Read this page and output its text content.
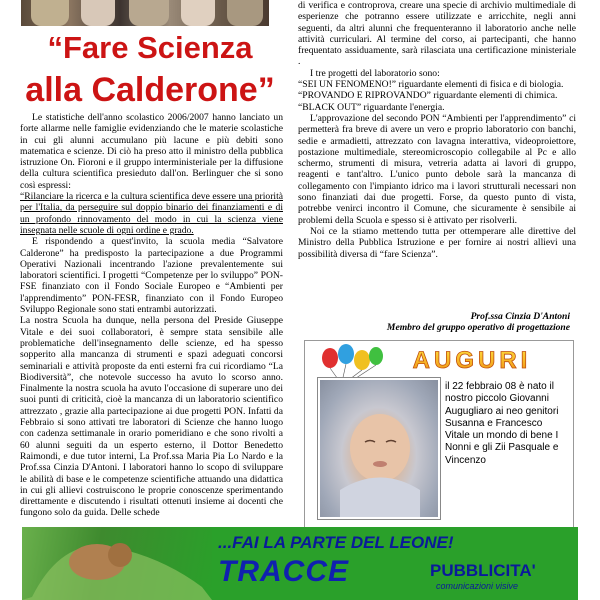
“Fare Scienza
alla Calderone”

Le statistiche dell'anno scolastico 2006/2007 hanno lanciato un forte allarme nelle famiglie evidenziando che le materie scolastiche in cui gli alunni accumulano più lacune e più debiti sono matematica e scienze. Di ciò ha preso atto il ministro della pubblica istruzione On. Fioroni e il gruppo interministeriale per la diffusione della cultura scientifica presieduto dall'on. Berlinguer che si sono così espressi:

“Rilanciare la ricerca e la cultura scientifica deve essere una priorità per l'Italia, da perseguire sul doppio binario dei finanziamenti e di un profondo rinnovamento del modo in cui la scienza viene insegnata nelle scuole di ogni ordine e grado.

E rispondendo a quest'invito, la scuola media “Salvatore Calderone” ha predisposto la partecipazione a due Programmi Operativi Nazionali incentrando l'azione prevalentemente sui laboratori scientifici. I progetti “Competenze per lo sviluppo” PON- FSE finanziato con il Fondo Sociale Europeo e “Ambienti per l'apprendimento” PON-FESR, finanziato con il Fondo Europeo Sviluppo Regionale sono stati entrambi autorizzati.

La nostra Scuola ha dunque, nella persona del Preside Giuseppe Vitale e dei suoi collaboratori, è sempre stata sensibile alle problematiche dell'insegnamento delle scienze, ed ha spesso sopperito alla mancanza di strumenti e spazi adeguati concorsi seminariali e attività proposte da enti esterni fra cui ricordiamo “La Biodiversità”, che notevole successo ha avuto lo scorso anno. Finalmente la nostra scuola ha avuto l'occasione di superare uno dei suoi punti di criticità, cioè la mancanza di un laboratorio scientifico attrezzato , grazie alla partecipazione ai due progetti PON. Infatti da Febbraio si sono attivati tre laboratori di Scienze che hanno luogo con cadenza settimanale in orario pomeridiano e che sono rivolti a 60 alunni seguiti da un esperto esterno, il Dottor Benedetto Raimondi, e due tutor interni, La Prof.ssa Maria Pia Lo Nardo e la Prof.ssa Cinzia D'Antoni. I laboratori hanno lo scopo di sviluppare le abilità di base e le competenze scientifiche attuando una didattica in cui gli allievi costruiscono le proprie conoscenze sperimentando direttamente e discutendo i risultati ottenuti insieme ai docenti che fungono solo da guida. Delle schede

di verifica e controprova, creare una specie di archivio multimediale di esperienze che potranno essere utilizzate e arricchite, negli anni seguenti, da altri alunni che frequenteranno il laboratorio anche nelle attività curriculari. Al termine del corso, ai partecipanti, che hanno frequentato assiduamente, sarà rilasciata una certificazione ministeriale .

I tre progetti del laboratorio sono:

“SEI UN FENOMENO!” riguardante elementi di fisica e di biologia.

“PROVANDO E RIPROVANDO” riguardante elementi di chimica.

“BLACK OUT” riguardante l'energia.

L'approvazione del secondo PON “Ambienti per l'apprendimento” ci permetterà fra breve di avere un vero e proprio laboratorio con banchi, sedie e armadietti, attrezzato con lavagna interattiva, videoproiettore, postazione multimediale, stereomicroscopio collegabile al Pc e allo schermo, strumenti di misura, vetreria adatta ai lavori di gruppo, reagenti e tant'altro. L'unico punto debole sarà la mancanza di collegamento con l'impianto idrico ma i lavori strutturali necessari non sono finanziati dai due progetti. Forse, da questo punto di vista, potrebbe venirci incontro il Comune, che sicuramente è sensibile ai problemi della Scuola e spesso si è attivato per risolverli.

Noi ce la stiamo mettendo tutta per ottemperare alle direttive del Ministro della Pubblica Istruzione e per fornire ai nostri allievi una possibilità diversa di “fare Scienza”.

Prof.ssa Cinzia D'Antoni
Membro del gruppo operativo di progettazione
AUGURI
il 22 febbraio 08 è nato il nostro piccolo Giovanni Augugliaro ai neo genitori Susanna e Francesco Vitale un mondo di bene I Nonni e gli Zii Pasquale e Vincenzo
...FAI LA PARTE DEL LEONE!
TRACCE	PUBBLICITA'
comunicazioni visive
